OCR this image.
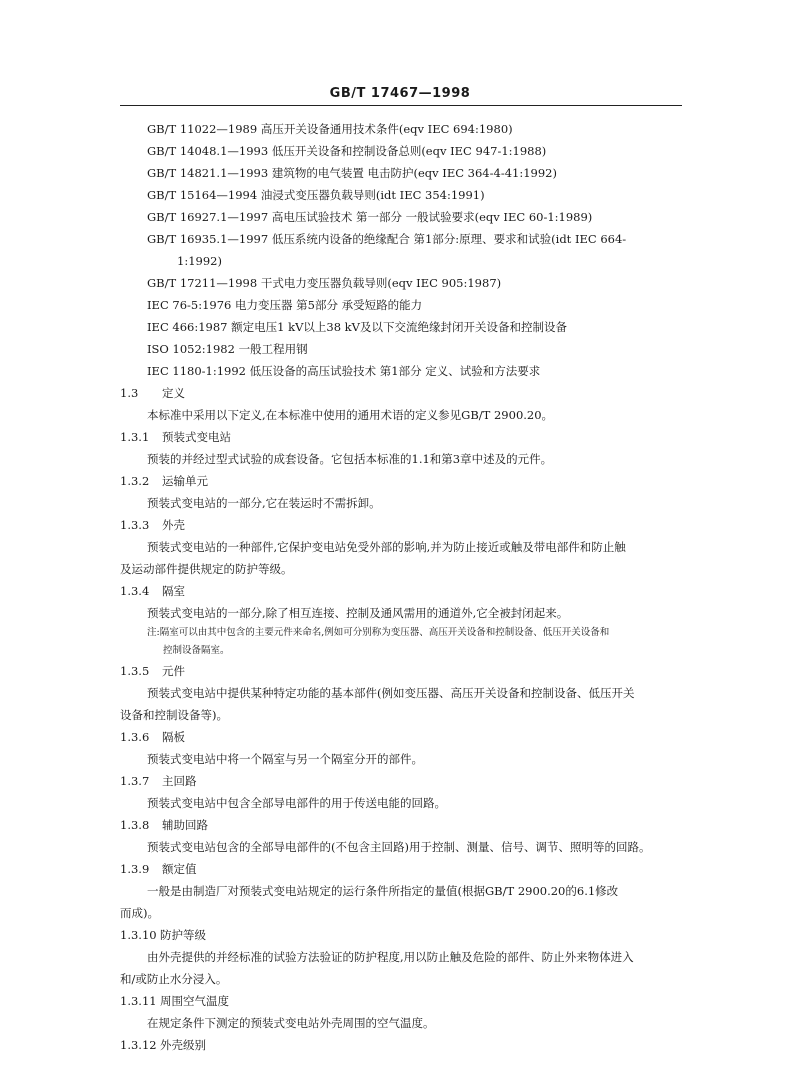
GB/T 17467—1998
GB/T 11022—1989 高压开关设备通用技术条件(eqv IEC 694:1980)
GB/T 14048.1—1993 低压开关设备和控制设备总则(eqv IEC 947-1:1988)
GB/T 14821.1—1993 建筑物的电气装置 电击防护(eqv IEC 364-4-41:1992)
GB/T 15164—1994 油浸式变压器负载导则(idt IEC 354:1991)
GB/T 16927.1—1997 高电压试验技术 第一部分 一般试验要求(eqv IEC 60-1:1989)
GB/T 16935.1—1997 低压系统内设备的绝缘配合 第1部分:原理、要求和试验(idt IEC 664-
1:1992)
GB/T 17211—1998 干式电力变压器负载导则(eqv IEC 905:1987)
IEC 76-5:1976 电力变压器 第5部分 承受短路的能力
IEC 466:1987 额定电压1 kV以上38 kV及以下交流绝缘封闭开关设备和控制设备
ISO 1052:1982 一般工程用钢
IEC 1180-1:1992 低压设备的高压试验技术 第1部分 定义、试验和方法要求
1.3 定义
本标准中采用以下定义,在本标准中使用的通用术语的定义参见GB/T 2900.20。
1.3.1 预装式变电站
预装的并经过型式试验的成套设备。它包括本标准的1.1和第3章中述及的元件。
1.3.2 运输单元
预装式变电站的一部分,它在装运时不需拆卸。
1.3.3 外壳
预装式变电站的一种部件,它保护变电站免受外部的影响,并为防止接近或触及带电部件和防止触
及运动部件提供规定的防护等级。
1.3.4 隔室
预装式变电站的一部分,除了相互连接、控制及通风需用的通道外,它全被封闭起来。
注:隔室可以由其中包含的主要元件来命名,例如可分别称为变压器、高压开关设备和控制设备、低压开关设备和
控制设备隔室。
1.3.5 元件
预装式变电站中提供某种特定功能的基本部件(例如变压器、高压开关设备和控制设备、低压开关
设备和控制设备等)。
1.3.6 隔板
预装式变电站中将一个隔室与另一个隔室分开的部件。
1.3.7 主回路
预装式变电站中包含全部导电部件的用于传送电能的回路。
1.3.8 辅助回路
预装式变电站包含的全部导电部件的(不包含主回路)用于控制、测量、信号、调节、照明等的回路。
1.3.9 额定值
一般是由制造厂对预装式变电站规定的运行条件所指定的量值(根据GB/T 2900.20的6.1修改
而成)。
1.3.10 防护等级
由外壳提供的并经标准的试验方法验证的防护程度,用以防止触及危险的部件、防止外来物体进入
和/或防止水分浸入。
1.3.11 周围空气温度
在规定条件下测定的预装式变电站外壳周围的空气温度。
1.3.12 外壳级别
